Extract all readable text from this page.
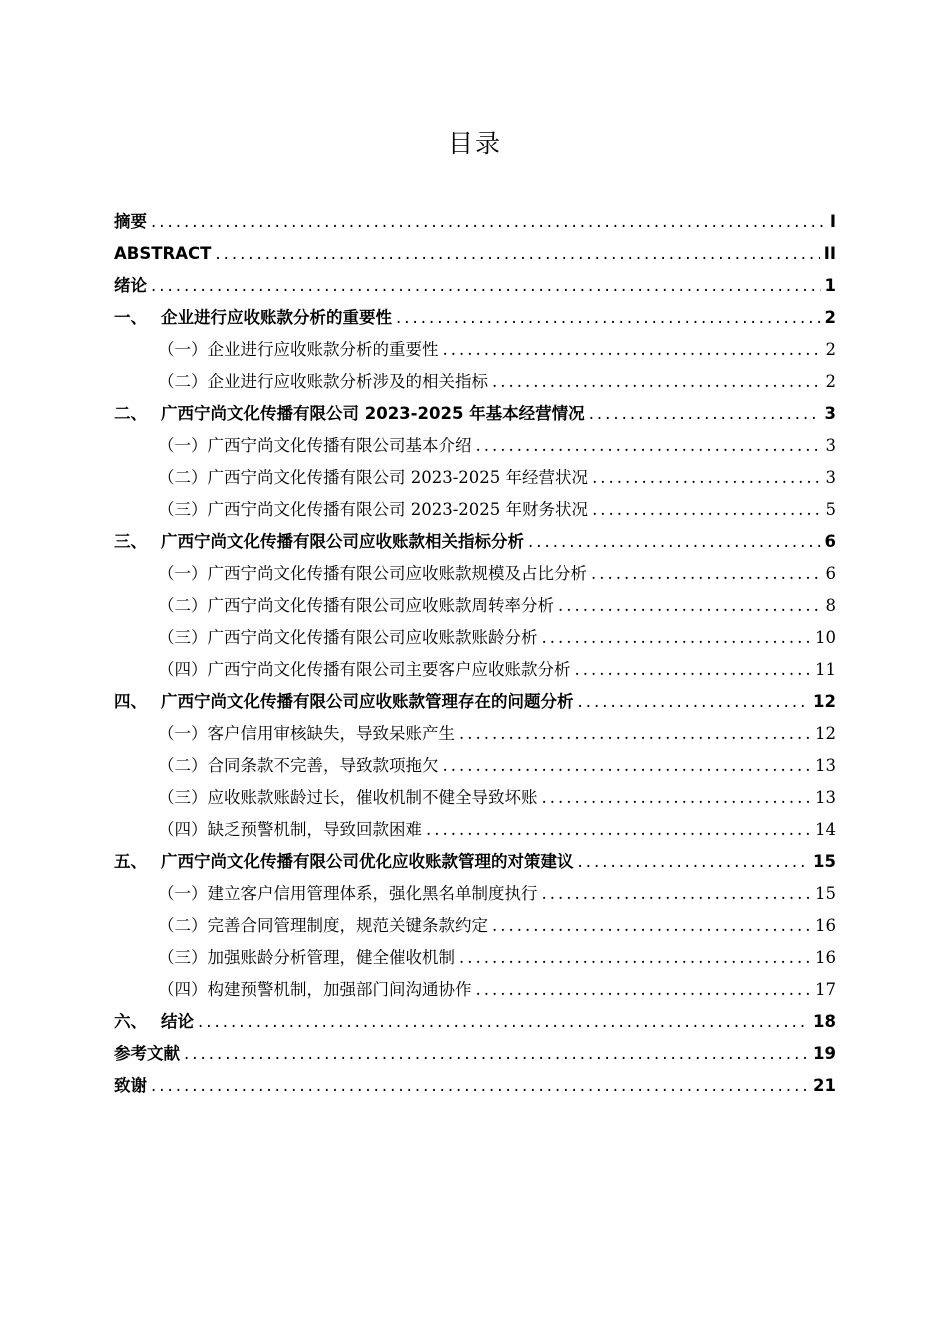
目录
摘要 .....	I
ABSTRACT .....	II
绪论 .....	1
一、 企业进行应收账款分析的重要性 .....	2
（一）企业进行应收账款分析的重要性 .....	2
（二）企业进行应收账款分析涉及的相关指标 .....	2
二、 广西宁尚文化传播有限公司 2023-2025 年基本经营情况 .....	3
（一）广西宁尚文化传播有限公司基本介绍 .....	3
（二）广西宁尚文化传播有限公司 2023-2025 年经营状况 .....	3
（三）广西宁尚文化传播有限公司 2023-2025 年财务状况 .....	5
三、 广西宁尚文化传播有限公司应收账款相关指标分析 .....	6
（一）广西宁尚文化传播有限公司应收账款规模及占比分析 .....	6
（二）广西宁尚文化传播有限公司应收账款周转率分析 .....	8
（三）广西宁尚文化传播有限公司应收账款账龄分析 .....	10
（四）广西宁尚文化传播有限公司主要客户应收账款分析 .....	11
四、 广西宁尚文化传播有限公司应收账款管理存在的问题分析 .....	12
（一）客户信用审核缺失，导致呆账产生 .....	12
（二）合同条款不完善，导致款项拖欠 .....	13
（三）应收账款账龄过长，催收机制不健全导致坏账 .....	13
（四）缺乏预警机制，导致回款困难 .....	14
五、 广西宁尚文化传播有限公司优化应收账款管理的对策建议 .....	15
（一）建立客户信用管理体系，强化黑名单制度执行 .....	15
（二）完善合同管理制度，规范关键条款约定 .....	16
（三）加强账龄分析管理，健全催收机制 .....	16
（四）构建预警机制，加强部门间沟通协作 .....	17
六、 结论 .....	18
参考文献 .....	19
致谢 .....	21
